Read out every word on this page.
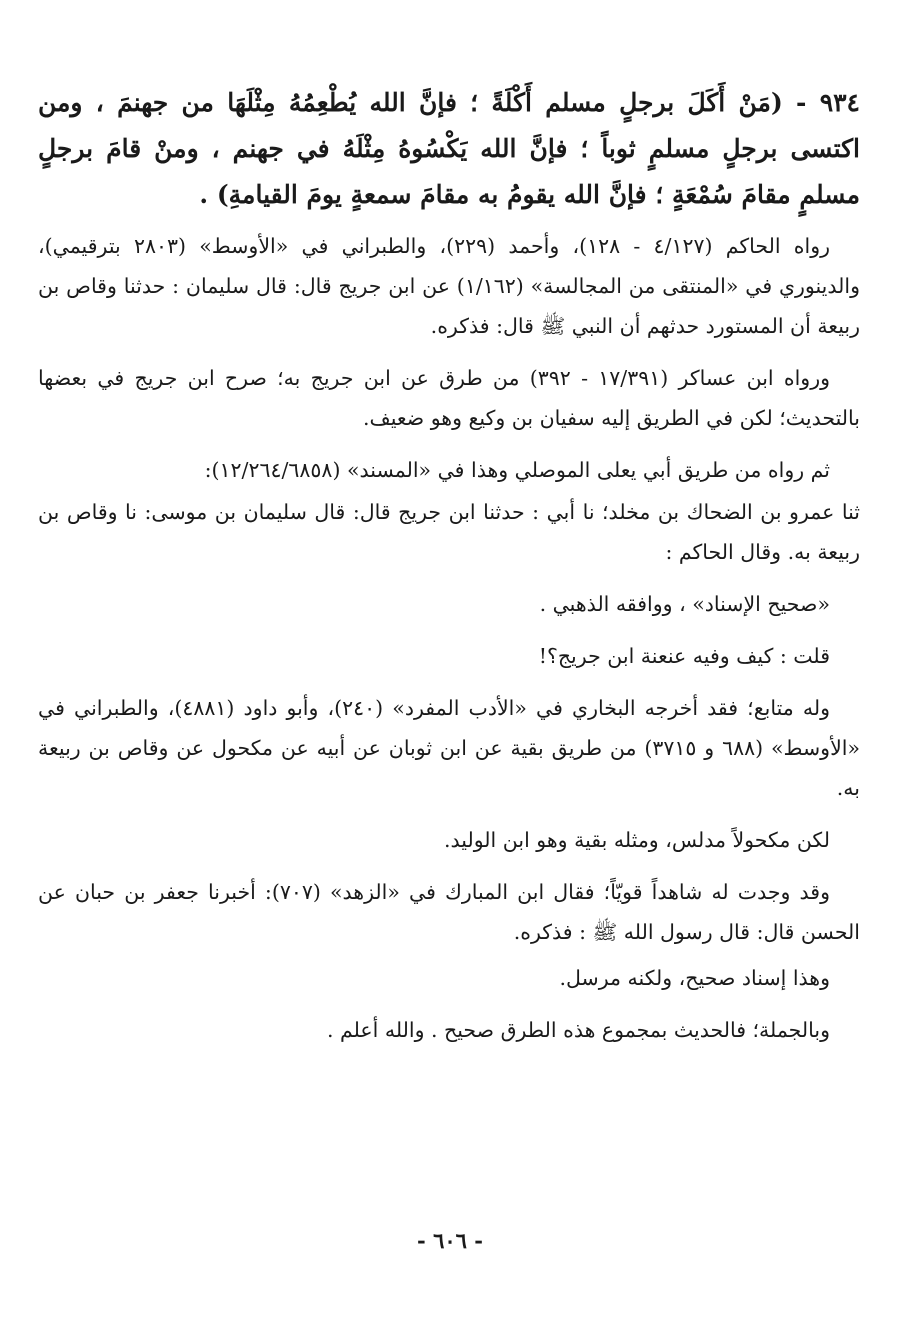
٩٣٤ - (مَنْ أَكَلَ برجلٍ مسلم أَكْلَةً ؛ فإنَّ الله يُطْعِمُهُ مِثْلَهَا من جهنمَ ، ومن اكتسى برجلٍ مسلمٍ ثوباً ؛ فإنَّ الله يَكْسُوهُ مِثْلَهُ في جهنم ، ومنْ قامَ برجلٍ مسلمٍ مقامَ سُمْعَةٍ ؛ فإنَّ الله يقومُ به مقامَ سمعةٍ يومَ القيامةِ) .

رواه الحاكم (٤/١٢٧ - ١٢٨)، وأحمد (٢٢٩)، والطبراني في «الأوسط» (٢٨٠٣ بترقيمي)، والدينوري في «المنتقى من المجالسة» (١/١٦٢) عن ابن جريج قال: قال سليمان : حدثنا وقاص بن ربيعة أن المستورد حدثهم أن النبي ﷺ قال: فذكره.

ورواه ابن عساكر (١٧/٣٩١ - ٣٩٢) من طرق عن ابن جريج به؛ صرح ابن جريج في بعضها بالتحديث؛ لكن في الطريق إليه سفيان بن وكيع وهو ضعيف.

ثم رواه من طريق أبي يعلى الموصلي وهذا في «المسند» (١٢/٢٦٤/٦٨٥٨):

ثنا عمرو بن الضحاك بن مخلد؛ نا أبي : حدثنا ابن جريج قال: قال سليمان بن موسى: نا وقاص بن ربيعة به. وقال الحاكم :

«صحيح الإسناد» ، ووافقه الذهبي .

قلت : كيف وفيه عنعنة ابن جريج؟!

وله متابع؛ فقد أخرجه البخاري في «الأدب المفرد» (٢٤٠)، وأبو داود (٤٨٨١)، والطبراني في «الأوسط» (٦٨٨ و ٣٧١٥) من طريق بقية عن ابن ثوبان عن أبيه عن مكحول عن وقاص بن ربيعة به.

لكن مكحولاً مدلس، ومثله بقية وهو ابن الوليد.

وقد وجدت له شاهداً قويّاً؛ فقال ابن المبارك في «الزهد» (٧٠٧): أخبرنا جعفر بن حبان عن الحسن قال: قال رسول الله ﷺ : فذكره.

وهذا إسناد صحيح، ولكنه مرسل.

وبالجملة؛ فالحديث بمجموع هذه الطرق صحيح . والله أعلم .

- ٦٠٦ -
